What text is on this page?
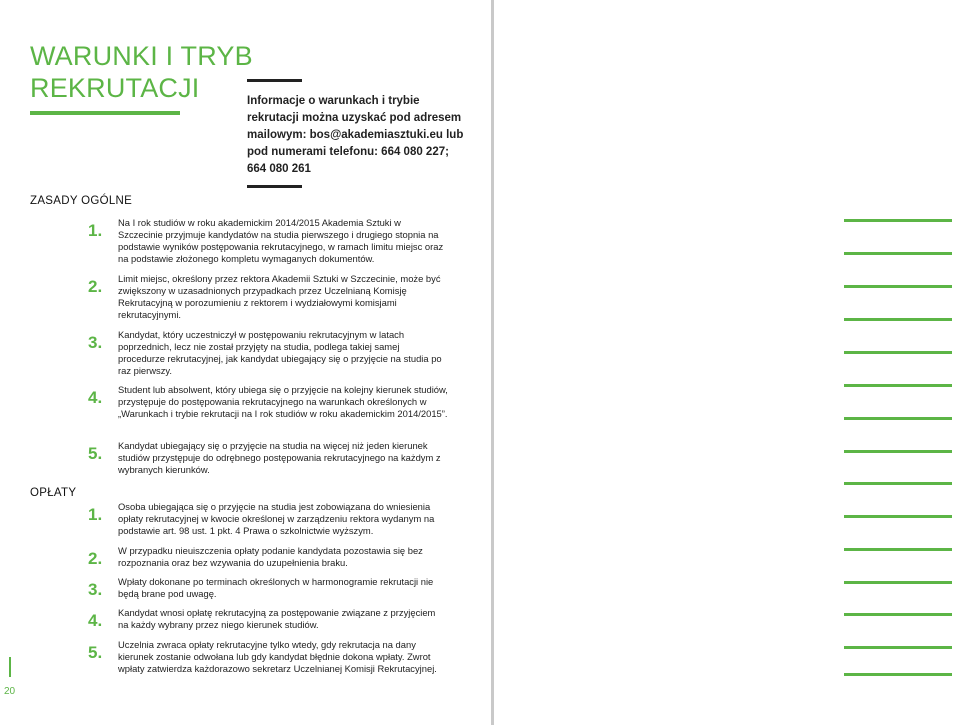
WARUNKI I TRYB
REKRUTACJI	Informacje o warunkach i trybie
rekrutacji można uzyskać pod adresem
mailowym: bos@akademiasztuki.eu lub
pod numerami telefonu: 664 080 227;
664 080 261
ZASADY OGÓLNE
1. Na I rok studiów w roku akademickim 2014/2015 Akademia Sztuki w Szczecinie przyjmuje kandydatów na studia pierwszego i drugiego stopnia na podstawie wyników postępowania rekrutacyjnego, w ramach limitu miejsc oraz na podstawie złożonego kompletu wymaganych dokumentów.
2. Limit miejsc, określony przez rektora Akademii Sztuki w Szczecinie, może być zwiększony w uzasadnionych przypadkach przez Uczelnianą Komisję Rekrutacyjną w porozumieniu z rektorem i wydziałowymi komisjami rekrutacyjnymi.
3. Kandydat, który uczestniczył w postępowaniu rekrutacyjnym w latach poprzednich, lecz nie został przyjęty na studia, podlega takiej samej procedurze rekrutacyjnej, jak kandydat ubiegający się o przyjęcie na studia po raz pierwszy.
4. Student lub absolwent, który ubiega się o przyjęcie na kolejny kierunek studiów, przystępuje do postępowania rekrutacyjnego na warunkach określonych w „Warunkach i trybie rekrutacji na I rok studiów w roku akademickim 2014/2015”.
5. Kandydat ubiegający się o przyjęcie na studia na więcej niż jeden kierunek studiów przystępuje do odrębnego postępowania rekrutacyjnego na każdym z wybranych kierunków.
OPŁATY
1. Osoba ubiegająca się o przyjęcie na studia jest zobowiązana do wniesienia opłaty rekrutacyjnej w kwocie określonej w zarządzeniu rektora wydanym na podstawie art. 98 ust. 1 pkt. 4 Prawa o szkolnictwie wyższym.
2. W przypadku nieuiszczenia opłaty podanie kandydata pozostawia się bez rozpoznania oraz bez wzywania do uzupełnienia braku.
3. Wpłaty dokonane po terminach określonych w harmonogramie rekrutacji nie będą brane pod uwagę.
4. Kandydat wnosi opłatę rekrutacyjną za postępowanie związane z przyjęciem na każdy wybrany przez niego kierunek studiów.
5. Uczelnia zwraca opłaty rekrutacyjne tylko wtedy, gdy rekrutacja na dany kierunek zostanie odwołana lub gdy kandydat błędnie dokona wpłaty. Zwrot wpłaty zatwierdza każdorazowo sekretarz Uczelnianej Komisji Rekrutacyjnej.
20
